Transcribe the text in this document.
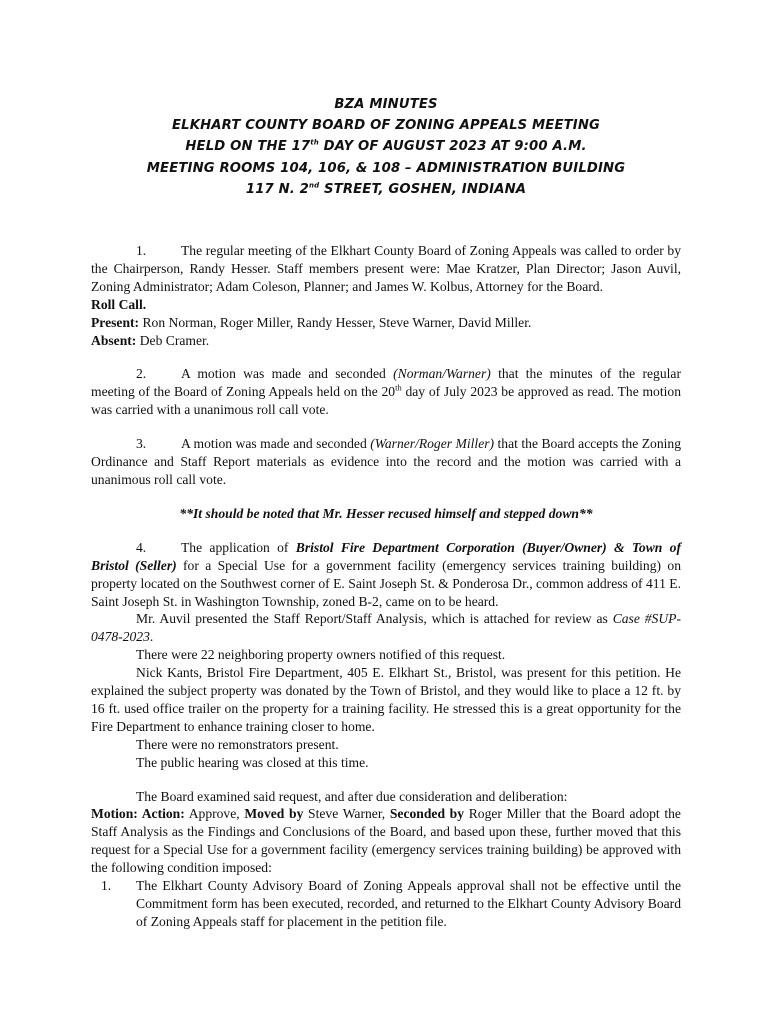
BZA MINUTES
ELKHART COUNTY BOARD OF ZONING APPEALS MEETING
HELD ON THE 17th DAY OF AUGUST 2023 AT 9:00 A.M.
MEETING ROOMS 104, 106, & 108 – ADMINISTRATION BUILDING
117 N. 2nd STREET, GOSHEN, INDIANA

1.	The regular meeting of the Elkhart County Board of Zoning Appeals was called to order by the Chairperson, Randy Hesser. Staff members present were: Mae Kratzer, Plan Director; Jason Auvil, Zoning Administrator; Adam Coleson, Planner; and James W. Kolbus, Attorney for the Board.

Roll Call.

Present: Ron Norman, Roger Miller, Randy Hesser, Steve Warner, David Miller.

Absent: Deb Cramer.

2.	A motion was made and seconded (Norman/Warner) that the minutes of the regular meeting of the Board of Zoning Appeals held on the 20th day of July 2023 be approved as read. The motion was carried with a unanimous roll call vote.

3.	A motion was made and seconded (Warner/Roger Miller) that the Board accepts the Zoning Ordinance and Staff Report materials as evidence into the record and the motion was carried with a unanimous roll call vote.

**It should be noted that Mr. Hesser recused himself and stepped down**

4.	The application of Bristol Fire Department Corporation (Buyer/Owner) & Town of Bristol (Seller) for a Special Use for a government facility (emergency services training building) on property located on the Southwest corner of E. Saint Joseph St. & Ponderosa Dr., common address of 411 E. Saint Joseph St. in Washington Township, zoned B-2, came on to be heard.

Mr. Auvil presented the Staff Report/Staff Analysis, which is attached for review as Case #SUP-0478-2023.

There were 22 neighboring property owners notified of this request.

Nick Kants, Bristol Fire Department, 405 E. Elkhart St., Bristol, was present for this petition. He explained the subject property was donated by the Town of Bristol, and they would like to place a 12 ft. by 16 ft. used office trailer on the property for a training facility. He stressed this is a great opportunity for the Fire Department to enhance training closer to home.

There were no remonstrators present.

The public hearing was closed at this time.

The Board examined said request, and after due consideration and deliberation:

Motion: Action: Approve, Moved by Steve Warner, Seconded by Roger Miller that the Board adopt the Staff Analysis as the Findings and Conclusions of the Board, and based upon these, further moved that this request for a Special Use for a government facility (emergency services training building) be approved with the following condition imposed:

1.	The Elkhart County Advisory Board of Zoning Appeals approval shall not be effective until the Commitment form has been executed, recorded, and returned to the Elkhart County Advisory Board of Zoning Appeals staff for placement in the petition file.
